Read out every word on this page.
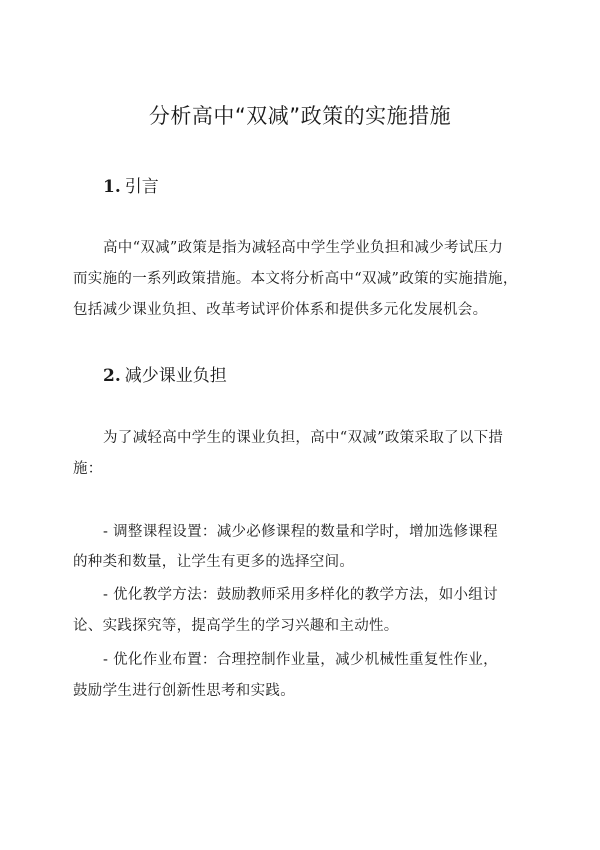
分析高中“双减”政策的实施措施
1. 引言

高中“双减”政策是指为减轻高中学生学业负担和减少考试压力

而实施的一系列政策措施。本文将分析高中“双减”政策的实施措施，

包括减少课业负担、改革考试评价体系和提供多元化发展机会。

2. 减少课业负担

为了减轻高中学生的课业负担，高中“双减”政策采取了以下措

施：

- 调整课程设置：减少必修课程的数量和学时，增加选修课程

的种类和数量，让学生有更多的选择空间。

- 优化教学方法：鼓励教师采用多样化的教学方法，如小组讨

论、实践探究等，提高学生的学习兴趣和主动性。

- 优化作业布置：合理控制作业量，减少机械性重复性作业，

鼓励学生进行创新性思考和实践。
